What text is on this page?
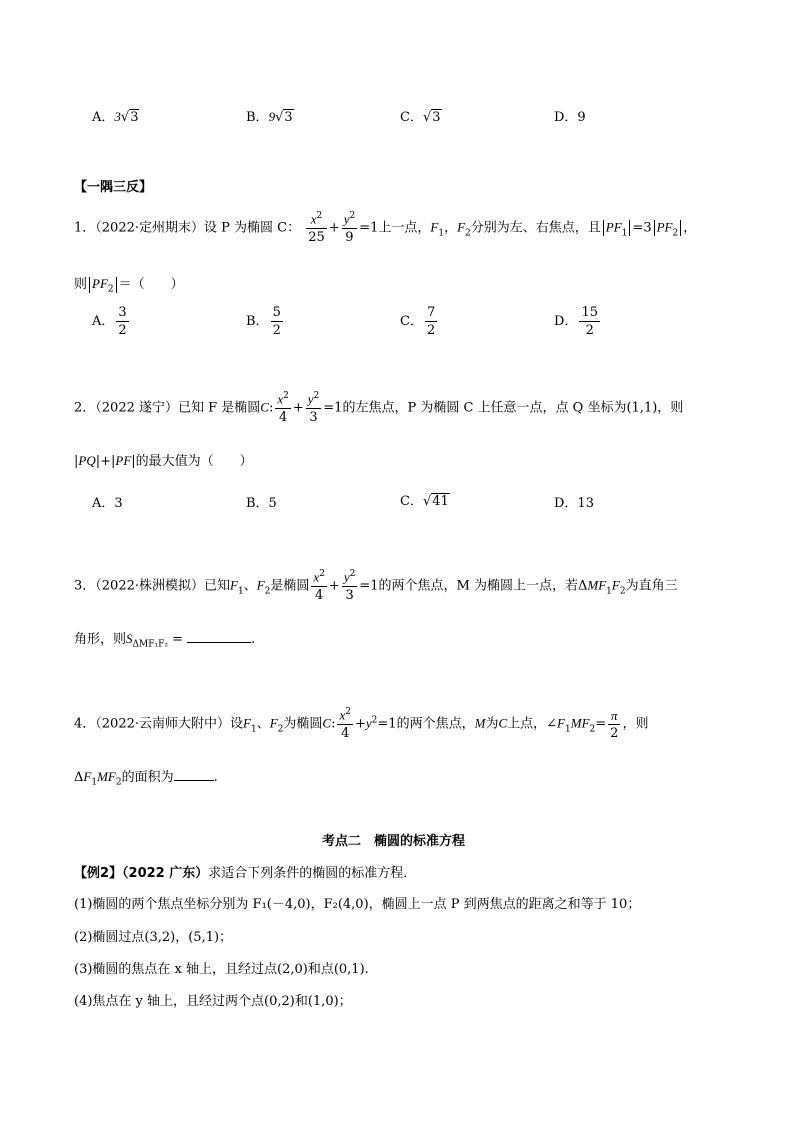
A．3√3	B．9√3	C．√3	D．9
【一隅三反】
1．（2022·定州期末）设 P 为椭圆 C： $\frac{x^2}{25} + \frac{y^2}{9} =1$上一点，$F_1$，$F_2$分别为左、右焦点，且 $PF_1 =3$ $PF_2$ ，
则 $PF_2$ ＝（　　）
A． $\frac{3}{2}$	B． $\frac{5}{2}$	C． $\frac{7}{2}$	D． $\frac{15}{2}$
2．（2022 遂宁）已知 F 是椭圆C: $\frac{x^2}{4} + \frac{y^2}{3} =1$的左焦点，P 为椭圆 C 上任意一点，点 Q 坐标为(1,1)，则
|PQ|+|PF|的最大值为（　　）
A．3	B．5	C．√41	D．13
3．（2022·株洲模拟）已知$F_1$、$F_2$是椭圆 $\frac{x^2}{4} + \frac{y^2}{3} =1$的两个焦点，M 为椭圆上一点，若$\Delta MF_1F_2$为直角三
角形，则$S_{\Delta MF_1F_2}$ =	.
4．（2022·云南师大附中）设$F_1$、$F_2$为椭圆C: $\frac{x^2}{4} +y^2=1$的两个焦点，M为C上点，$\angle F_1MF_2= \frac{\pi}{2}$ ，则
$\Delta F_1MF_2$的面积为	.
考点二　椭圆的标准方程
【例2】（2022 广东）求适合下列条件的椭圆的标准方程．
(1)椭圆的两个焦点坐标分别为 F₁(－4,0)，F₂(4,0)，椭圆上一点 P 到两焦点的距离之和等于 10；
(2)椭圆过点(3,2)，(5,1)；
(3)椭圆的焦点在 x 轴上，且经过点(2,0)和点(0,1).
(4)焦点在 y 轴上，且经过两个点(0,2)和(1,0)；
